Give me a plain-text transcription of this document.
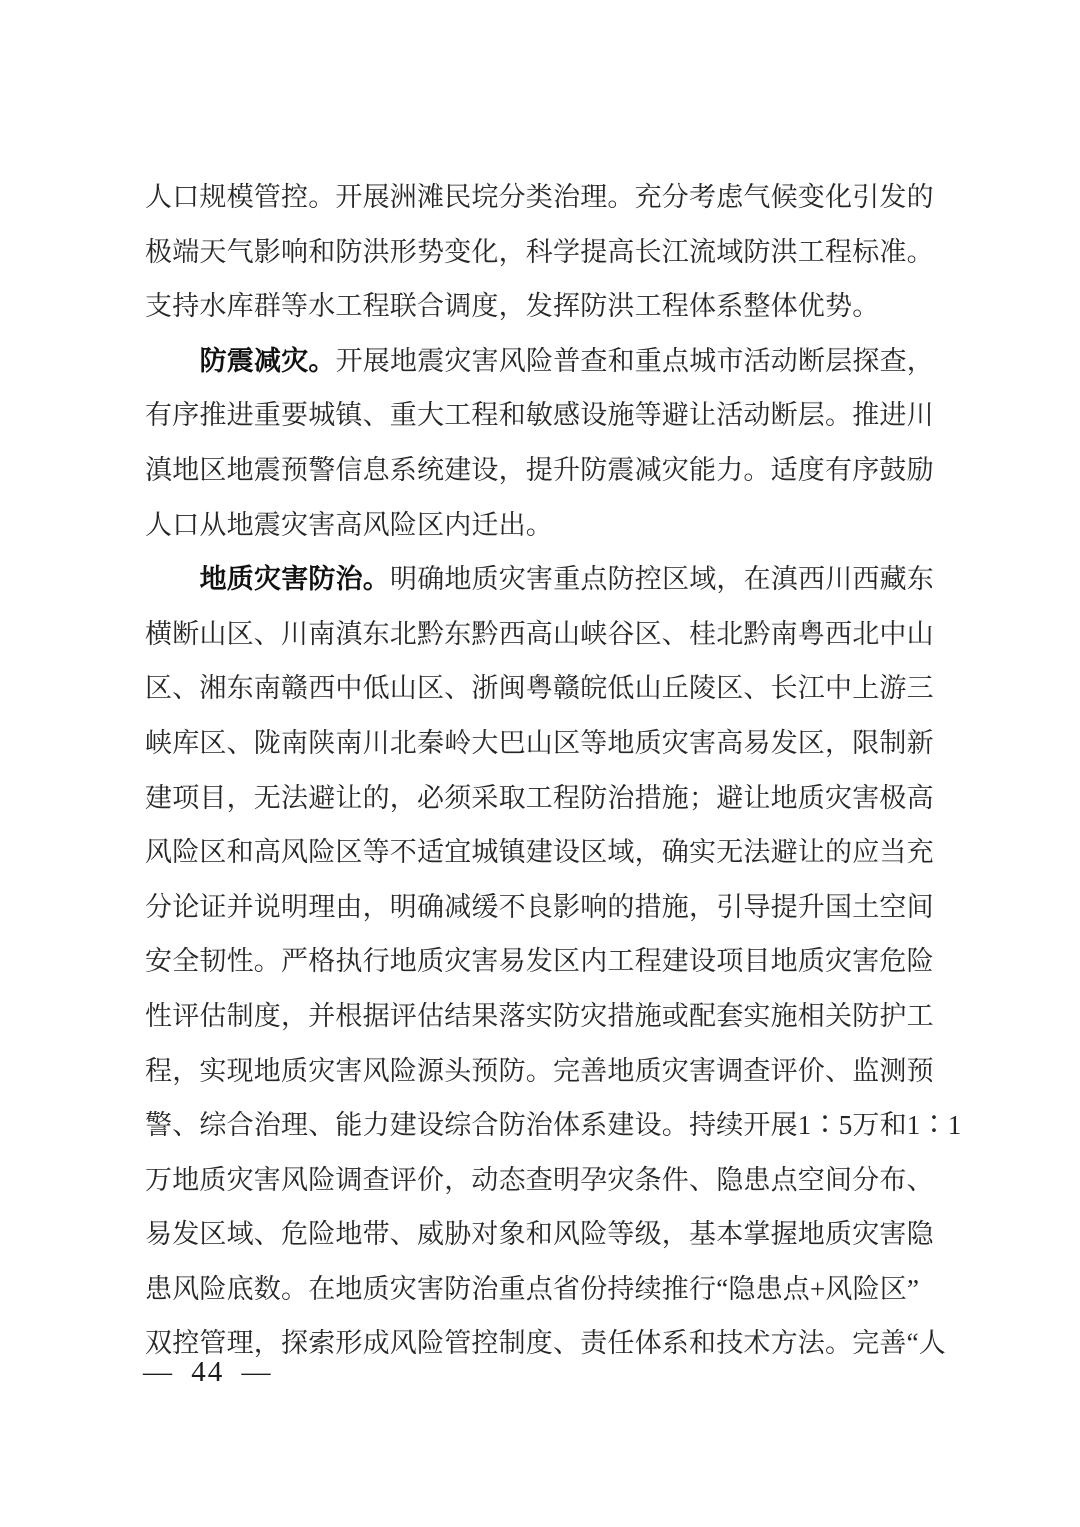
人口规模管控。开展洲滩民垸分类治理。充分考虑气候变化引发的
极端天气影响和防洪形势变化，科学提高长江流域防洪工程标准。
支持水库群等水工程联合调度，发挥防洪工程体系整体优势。
防震减灾。开展地震灾害风险普查和重点城市活动断层探查，
有序推进重要城镇、重大工程和敏感设施等避让活动断层。推进川
滇地区地震预警信息系统建设，提升防震减灾能力。适度有序鼓励
人口从地震灾害高风险区内迁出。
地质灾害防治。明确地质灾害重点防控区域，在滇西川西藏东
横断山区、川南滇东北黔东黔西高山峡谷区、桂北黔南粤西北中山
区、湘东南赣西中低山区、浙闽粤赣皖低山丘陵区、长江中上游三
峡库区、陇南陕南川北秦岭大巴山区等地质灾害高易发区，限制新
建项目，无法避让的，必须采取工程防治措施；避让地质灾害极高
风险区和高风险区等不适宜城镇建设区域，确实无法避让的应当充
分论证并说明理由，明确减缓不良影响的措施，引导提升国土空间
安全韧性。严格执行地质灾害易发区内工程建设项目地质灾害危险
性评估制度，并根据评估结果落实防灾措施或配套实施相关防护工
程，实现地质灾害风险源头预防。完善地质灾害调查评价、监测预
警、综合治理、能力建设综合防治体系建设。持续开展1∶5万和1∶1
万地质灾害风险调查评价，动态查明孕灾条件、隐患点空间分布、
易发区域、危险地带、威胁对象和风险等级，基本掌握地质灾害隐
患风险底数。在地质灾害防治重点省份持续推行“隐患点+风险区”
双控管理，探索形成风险管控制度、责任体系和技术方法。完善“人
— 44 —
